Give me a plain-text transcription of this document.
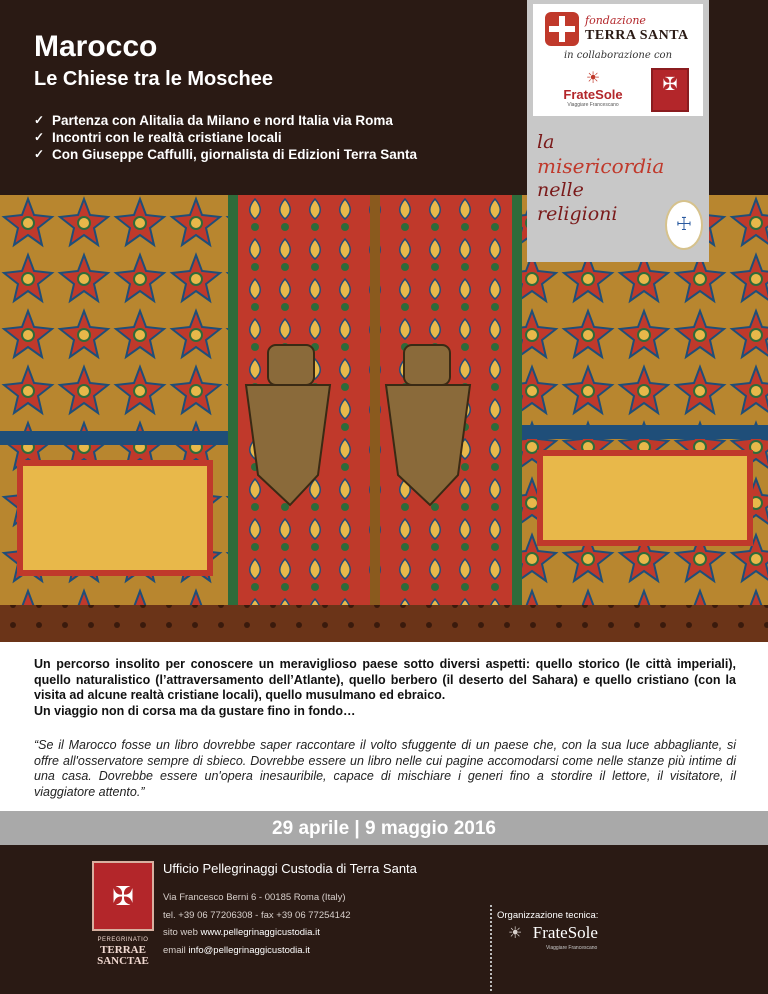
Marocco
Le Chiese tra le Moschee
✓ Partenza con Alitalia da Milano e nord Italia via Roma
✓ Incontri con le realtà cristiane locali
✓ Con Giuseppe Caffulli, giornalista di Edizioni Terra Santa
fondazione
TERRA SANTA
in collaborazione con
☀
FrateSole
Viaggiare Francescano
✠
la
misericordia
nelle
religioni
☩
Un percorso insolito per conoscere un meraviglioso paese sotto diversi aspetti: quello storico (le città imperiali), quello naturalistico (l’attraversamento dell’Atlante), quello berbero (il deserto del Sahara) e quello cristiano (con la visita ad alcune realtà cristiane locali), quello musulmano ed ebraico.
Un viaggio non di corsa ma da gustare fino in fondo…
“Se il Marocco fosse un libro dovrebbe saper raccontare il volto sfuggente di un paese che, con la sua luce abbagliante, si offre all'osservatore sempre di sbieco. Dovrebbe essere un libro nelle cui pagine accomodarsi come nelle stanze più intime di una casa. Dovrebbe essere un'opera inesauribile, capace di mischiare i generi fino a stordire il lettore, il visitatore, il viaggiatore attento.”
29 aprile | 9 maggio 2016
✠
PEREGRINATIO
TERRAE
SANCTAE
Ufficio Pellegrinaggi Custodia di Terra Santa
Via Francesco Berni 6 - 00185 Roma (Italy)
tel. +39 06 77206308 - fax +39 06 77254142
sito web www.pellegrinaggicustodia.it
email info@pellegrinaggicustodia.it
Organizzazione tecnica:
☀ FrateSole
Viaggiare Francescano
